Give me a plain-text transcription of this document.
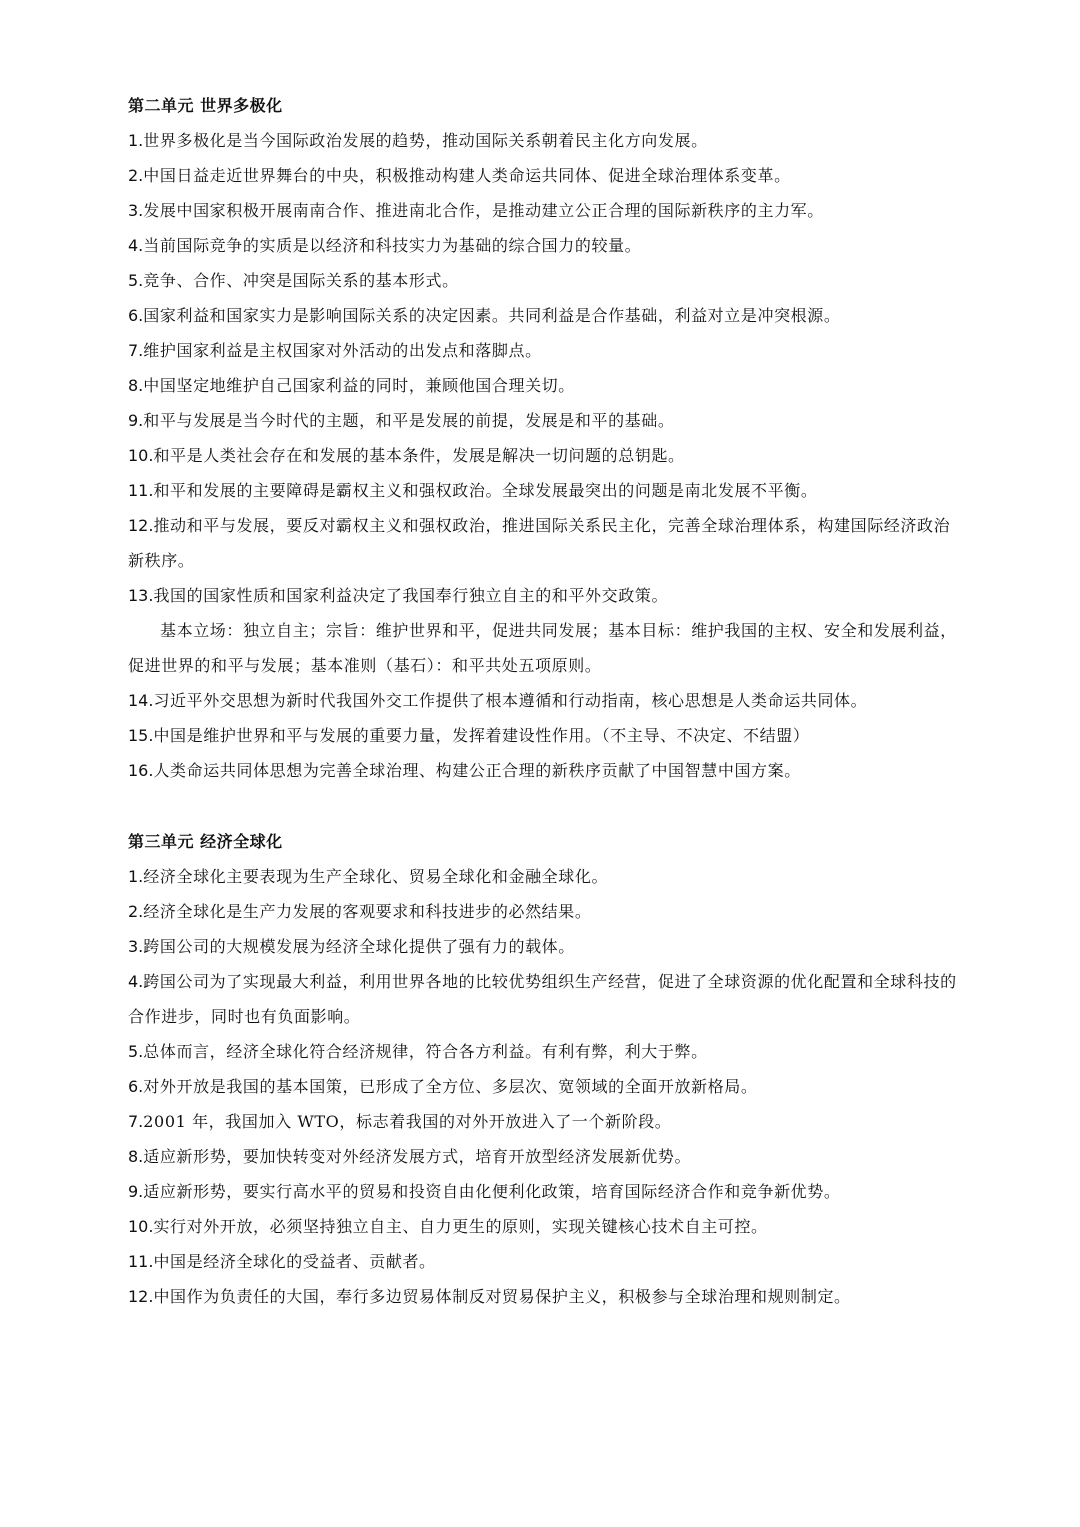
第二单元 世界多极化

1.世界多极化是当今国际政治发展的趋势，推动国际关系朝着民主化方向发展。

2.中国日益走近世界舞台的中央，积极推动构建人类命运共同体、促进全球治理体系变革。

3.发展中国家积极开展南南合作、推进南北合作，是推动建立公正合理的国际新秩序的主力军。

4.当前国际竞争的实质是以经济和科技实力为基础的综合国力的较量。

5.竞争、合作、冲突是国际关系的基本形式。

6.国家利益和国家实力是影响国际关系的决定因素。共同利益是合作基础，利益对立是冲突根源。

7.维护国家利益是主权国家对外活动的出发点和落脚点。

8.中国坚定地维护自己国家利益的同时，兼顾他国合理关切。

9.和平与发展是当今时代的主题，和平是发展的前提，发展是和平的基础。

10.和平是人类社会存在和发展的基本条件，发展是解决一切问题的总钥匙。

11.和平和发展的主要障碍是霸权主义和强权政治。全球发展最突出的问题是南北发展不平衡。

12.推动和平与发展，要反对霸权主义和强权政治，推进国际关系民主化，完善全球治理体系，构建国际经济政治新秩序。

13.我国的国家性质和国家利益决定了我国奉行独立自主的和平外交政策。

基本立场：独立自主；宗旨：维护世界和平，促进共同发展；基本目标：维护我国的主权、安全和发展利益，促进世界的和平与发展；基本准则（基石）：和平共处五项原则。

14.习近平外交思想为新时代我国外交工作提供了根本遵循和行动指南，核心思想是人类命运共同体。

15.中国是维护世界和平与发展的重要力量，发挥着建设性作用。（不主导、不决定、不结盟）

16.人类命运共同体思想为完善全球治理、构建公正合理的新秩序贡献了中国智慧中国方案。

第三单元 经济全球化

1.经济全球化主要表现为生产全球化、贸易全球化和金融全球化。

2.经济全球化是生产力发展的客观要求和科技进步的必然结果。

3.跨国公司的大规模发展为经济全球化提供了强有力的载体。

4.跨国公司为了实现最大利益，利用世界各地的比较优势组织生产经营，促进了全球资源的优化配置和全球科技的合作进步，同时也有负面影响。

5.总体而言，经济全球化符合经济规律，符合各方利益。有利有弊，利大于弊。

6.对外开放是我国的基本国策，已形成了全方位、多层次、宽领域的全面开放新格局。

7.2001 年，我国加入 WTO，标志着我国的对外开放进入了一个新阶段。

8.适应新形势，要加快转变对外经济发展方式，培育开放型经济发展新优势。

9.适应新形势，要实行高水平的贸易和投资自由化便利化政策，培育国际经济合作和竞争新优势。

10.实行对外开放，必须坚持独立自主、自力更生的原则，实现关键核心技术自主可控。

11.中国是经济全球化的受益者、贡献者。

12.中国作为负责任的大国，奉行多边贸易体制反对贸易保护主义，积极参与全球治理和规则制定。
